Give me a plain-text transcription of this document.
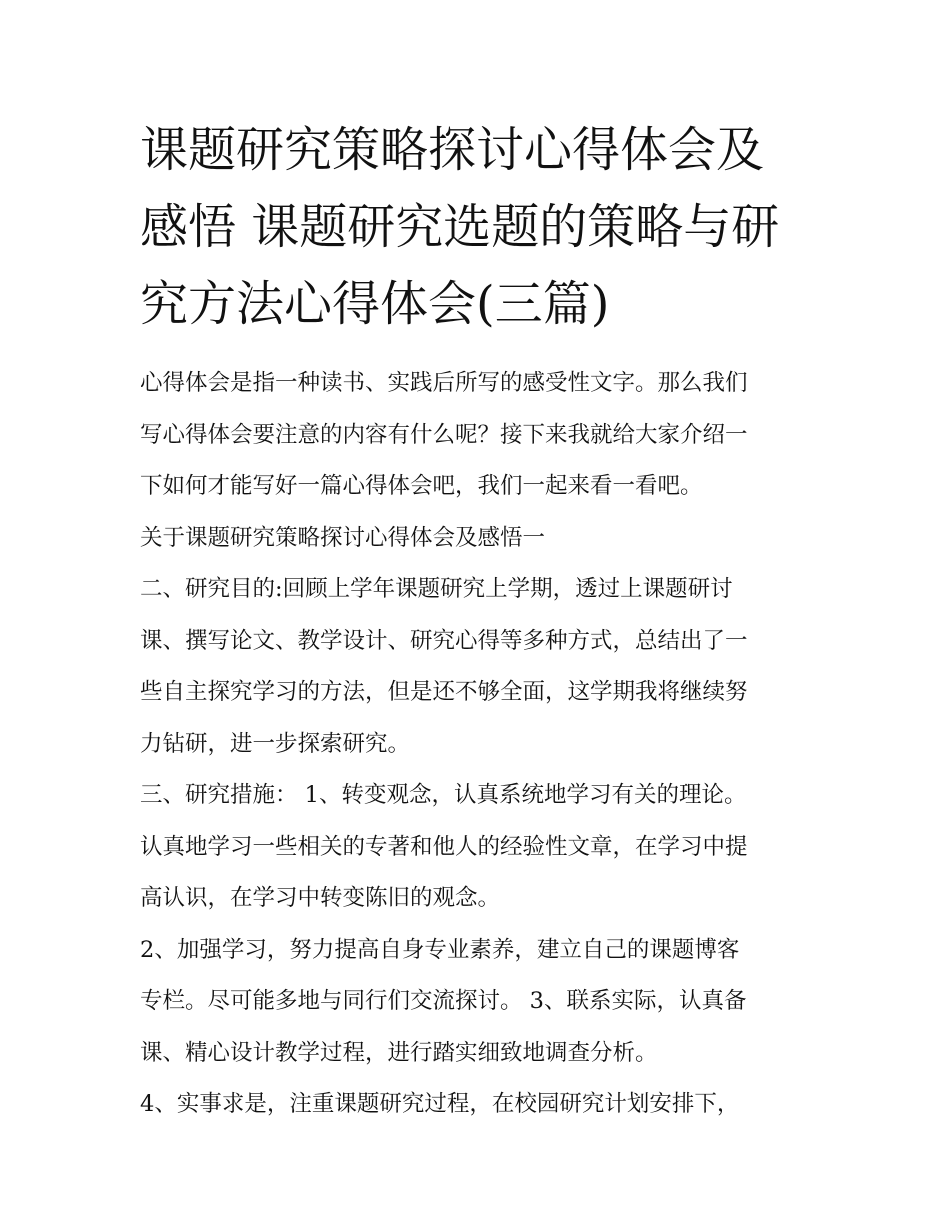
课题研究策略探讨心得体会及
感悟 课题研究选题的策略与研
究方法心得体会(三篇)

心得体会是指一种读书、实践后所写的感受性文字。那么我们
写心得体会要注意的内容有什么呢？接下来我就给大家介绍一
下如何才能写好一篇心得体会吧，我们一起来看一看吧。

关于课题研究策略探讨心得体会及感悟一

二、研究目的:回顾上学年课题研究上学期，透过上课题研讨
课、撰写论文、教学设计、研究心得等多种方式，总结出了一
些自主探究学习的方法，但是还不够全面，这学期我将继续努
力钻研，进一步探索研究。

三、研究措施： 1、转变观念，认真系统地学习有关的理论。
认真地学习一些相关的专著和他人的经验性文章，在学习中提
高认识，在学习中转变陈旧的观念。

2、加强学习，努力提高自身专业素养，建立自己的课题博客
专栏。尽可能多地与同行们交流探讨。 3、联系实际，认真备
课、精心设计教学过程，进行踏实细致地调查分析。

4、实事求是，注重课题研究过程，在校园研究计划安排下，
